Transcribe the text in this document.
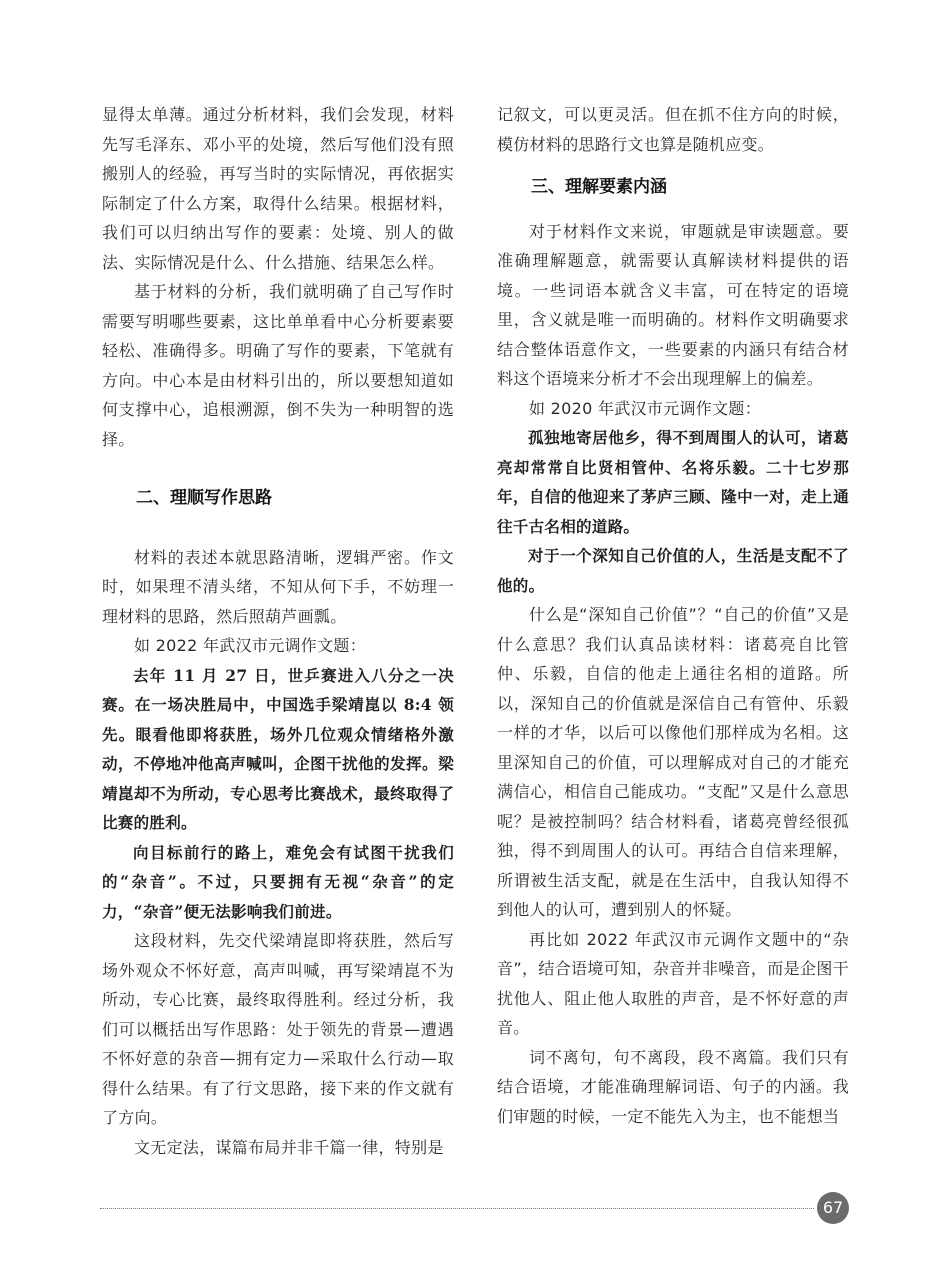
显得太单薄。通过分析材料，我们会发现，材料先写毛泽东、邓小平的处境，然后写他们没有照搬别人的经验，再写当时的实际情况，再依据实际制定了什么方案，取得什么结果。根据材料，我们可以归纳出写作的要素：处境、别人的做法、实际情况是什么、什么措施、结果怎么样。

基于材料的分析，我们就明确了自己写作时需要写明哪些要素，这比单单看中心分析要素要轻松、准确得多。明确了写作的要素，下笔就有方向。中心本是由材料引出的，所以要想知道如何支撑中心，追根溯源，倒不失为一种明智的选择。

二、理顺写作思路

材料的表述本就思路清晰，逻辑严密。作文时，如果理不清头绪，不知从何下手，不妨理一理材料的思路，然后照葫芦画瓢。

如 2022 年武汉市元调作文题：

去年 11 月 27 日，世乒赛进入八分之一决赛。在一场决胜局中，中国选手梁靖崑以 8:4 领先。眼看他即将获胜，场外几位观众情绪格外激动，不停地冲他高声喊叫，企图干扰他的发挥。梁靖崑却不为所动，专心思考比赛战术，最终取得了比赛的胜利。

向目标前行的路上，难免会有试图干扰我们的“杂音”。不过，只要拥有无视“杂音”的定力，“杂音”便无法影响我们前进。

这段材料，先交代梁靖崑即将获胜，然后写场外观众不怀好意，高声叫喊，再写梁靖崑不为所动，专心比赛，最终取得胜利。经过分析，我们可以概括出写作思路：处于领先的背景—遭遇不怀好意的杂音—拥有定力—采取什么行动—取得什么结果。有了行文思路，接下来的作文就有了方向。

文无定法，谋篇布局并非千篇一律，特别是

记叙文，可以更灵活。但在抓不住方向的时候，模仿材料的思路行文也算是随机应变。

三、理解要素内涵

对于材料作文来说，审题就是审读题意。要准确理解题意，就需要认真解读材料提供的语境。一些词语本就含义丰富，可在特定的语境里，含义就是唯一而明确的。材料作文明确要求结合整体语意作文，一些要素的内涵只有结合材料这个语境来分析才不会出现理解上的偏差。

如 2020 年武汉市元调作文题：

孤独地寄居他乡，得不到周围人的认可，诸葛亮却常常自比贤相管仲、名将乐毅。二十七岁那年，自信的他迎来了茅庐三顾、隆中一对，走上通往千古名相的道路。

对于一个深知自己价值的人，生活是支配不了他的。

什么是“深知自己价值”？“自己的价值”又是什么意思？我们认真品读材料：诸葛亮自比管仲、乐毅，自信的他走上通往名相的道路。所以，深知自己的价值就是深信自己有管仲、乐毅一样的才华，以后可以像他们那样成为名相。这里深知自己的价值，可以理解成对自己的才能充满信心，相信自己能成功。“支配”又是什么意思呢？是被控制吗？结合材料看，诸葛亮曾经很孤独，得不到周围人的认可。再结合自信来理解，所谓被生活支配，就是在生活中，自我认知得不到他人的认可，遭到别人的怀疑。

再比如 2022 年武汉市元调作文题中的“杂音”，结合语境可知，杂音并非噪音，而是企图干扰他人、阻止他人取胜的声音，是不怀好意的声音。

词不离句，句不离段，段不离篇。我们只有结合语境，才能准确理解词语、句子的内涵。我们审题的时候，一定不能先入为主，也不能想当

67
